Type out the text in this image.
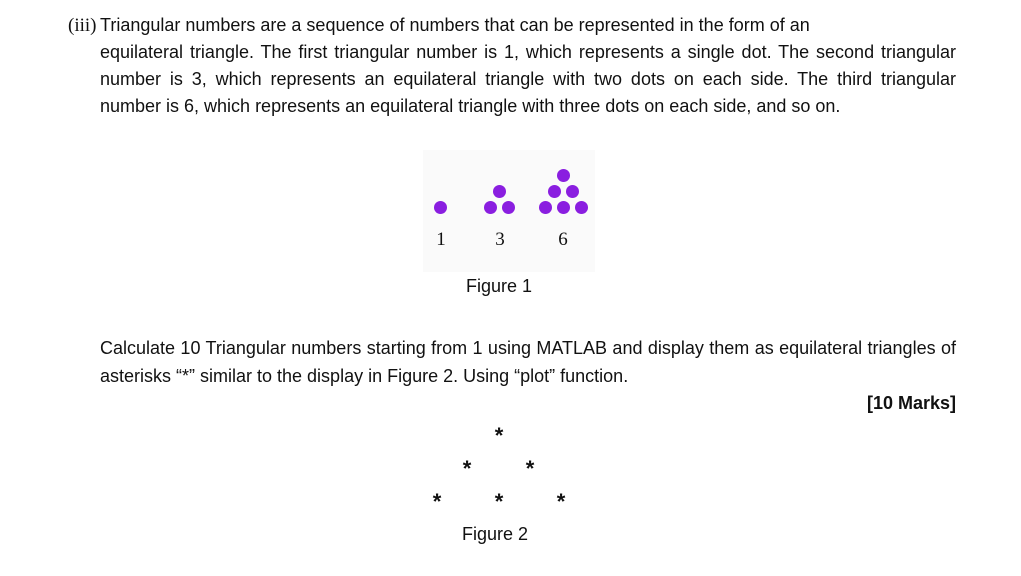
(iii) Triangular numbers are a sequence of numbers that can be represented in the form of an
equilateral triangle. The first triangular number is 1, which represents a single dot. The second triangular number is 3, which represents an equilateral triangle with two dots on each side. The third triangular number is 6, which represents an equilateral triangle with three dots on each side, and so on.
1	3	6
Figure 1
Calculate 10 Triangular numbers starting from 1 using MATLAB and display them as equilateral triangles of asterisks “*” similar to the display in Figure 2. Using “plot” function.
[10 Marks]
*
* *
* * *
Figure 2
